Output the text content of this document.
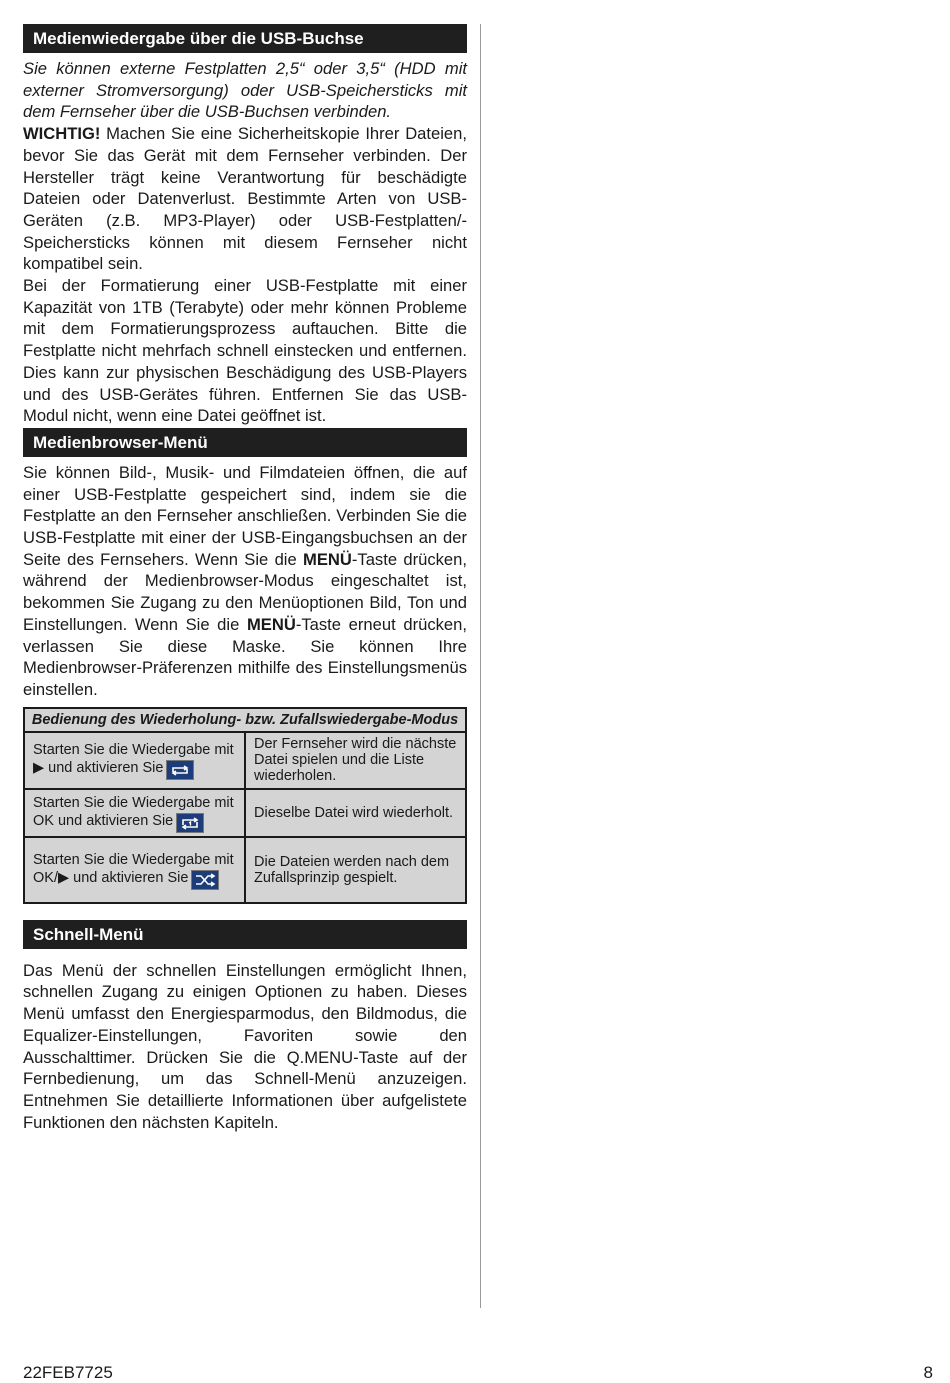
Medienwiedergabe über die USB-Buchse

Sie können externe Festplatten 2,5“ oder 3,5“ (HDD mit externer Stromversorgung) oder USB-Speichersticks mit dem Fernseher über die USB-Buchsen verbinden.

WICHTIG! Machen Sie eine Sicherheitskopie Ihrer Dateien, bevor Sie das Gerät mit dem Fernseher verbinden. Der Hersteller trägt keine Verantwortung für beschädigte Dateien oder Datenverlust. Bestimmte Arten von USB-Geräten (z.B. MP3-Player) oder USB-Festplatten/-Speichersticks können mit diesem Fernseher nicht kompatibel sein.

Bei der Formatierung einer USB-Festplatte mit einer Kapazität von 1TB (Terabyte) oder mehr können Probleme mit dem Formatierungsprozess auftauchen. Bitte die Festplatte nicht mehrfach schnell einstecken und entfernen. Dies kann zur physischen Beschädigung des USB-Players und des USB-Gerätes führen. Entfernen Sie das USB-Modul nicht, wenn eine Datei geöffnet ist.

Medienbrowser-Menü

Sie können Bild-, Musik- und Filmdateien öffnen, die auf einer USB-Festplatte gespeichert sind, indem sie die Festplatte an den Fernseher anschließen. Verbinden Sie die USB-Festplatte mit einer der USB-Eingangsbuchsen an der Seite des Fernsehers. Wenn Sie die MENÜ-Taste drücken, während der Medienbrowser-Modus eingeschaltet ist, bekommen Sie Zugang zu den Menüoptionen Bild, Ton und Einstellungen. Wenn Sie die MENÜ-Taste erneut drücken, verlassen Sie diese Maske. Sie können Ihre Medienbrowser-Präferenzen mithilfe des Einstellungsmenüs einstellen.

Bedienung des Wiederholung- bzw. Zufallswiedergabe-Modus
Starten Sie die Wiedergabe mit ▶ und aktivieren Sie
Der Fernseher wird die nächste Datei spielen und die Liste wiederholen.
Starten Sie die Wiedergabe mit OK und aktivieren Sie	Dieselbe Datei wird wiederholt.
Starten Sie die Wiedergabe mit OK/▶ und aktivieren Sie
Die Dateien werden nach dem Zufallsprinzip gespielt.
Schnell-Menü

Das Menü der schnellen Einstellungen ermöglicht Ihnen, schnellen Zugang zu einigen Optionen zu haben. Dieses Menü umfasst den Energiesparmodus, den Bildmodus, die Equalizer-Einstellungen, Favoriten sowie den Ausschalttimer. Drücken Sie die Q.MENU-Taste auf der Fernbedienung, um das Schnell-Menü anzuzeigen. Entnehmen Sie detaillierte Informationen über aufgelistete Funktionen den nächsten Kapiteln.

22FEB7725	8
